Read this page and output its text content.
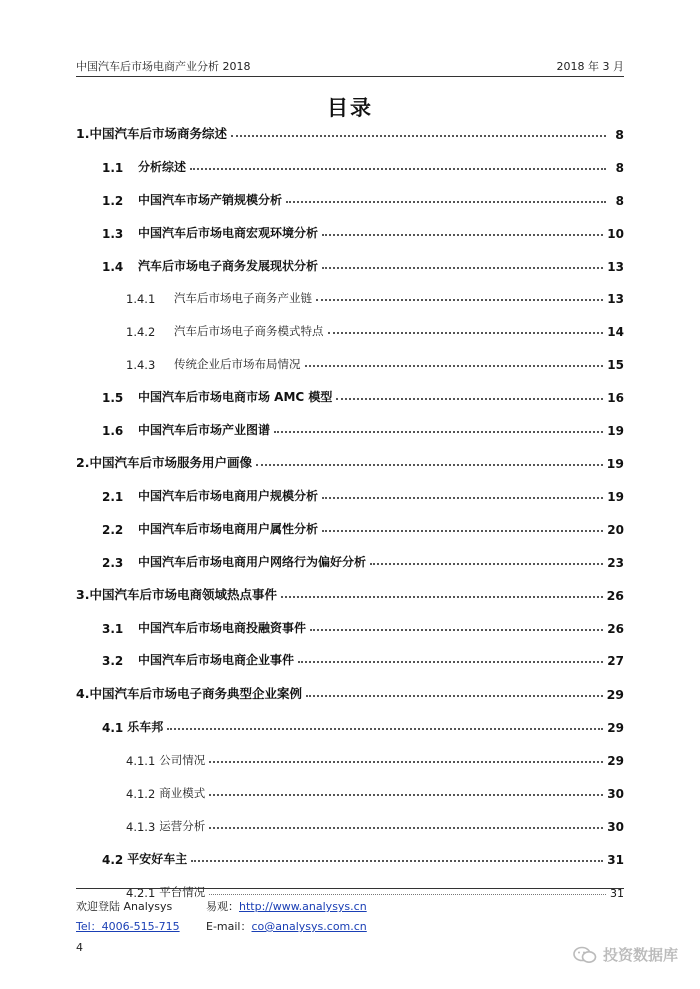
中国汽车后市场电商产业分析 2018	2018 年 3 月
目录
1.中国汽车后市场商务综述	8
1.1	分析综述	8
1.2	中国汽车市场产销规模分析	8
1.3	中国汽车后市场电商宏观环境分析	10
1.4	汽车后市场电子商务发展现状分析	13
1.4.1	汽车后市场电子商务产业链	13
1.4.2	汽车后市场电子商务模式特点	14
1.4.3	传统企业后市场布局情况	15
1.5	中国汽车后市场电商市场 AMC 模型	16
1.6	中国汽车后市场产业图谱	19
2.中国汽车后市场服务用户画像	19
2.1	中国汽车后市场电商用户规模分析	19
2.2	中国汽车后市场电商用户属性分析	20
2.3	中国汽车后市场电商用户网络行为偏好分析	23
3.中国汽车后市场电商领域热点事件	26
3.1	中国汽车后市场电商投融资事件	26
3.2	中国汽车后市场电商企业事件	27
4.中国汽车后市场电子商务典型企业案例	29
4.1 乐车邦	29
4.1.1 公司情况	29
4.1.2 商业模式	30
4.1.3 运营分析	30
4.2 平安好车主	31
4.2.1 平台情况	31
欢迎登陆 Analysys	易观：http://www.analysys.cn
Tel：4006-515-715 E-mail：co@analysys.com.cn
4	投资数据库
